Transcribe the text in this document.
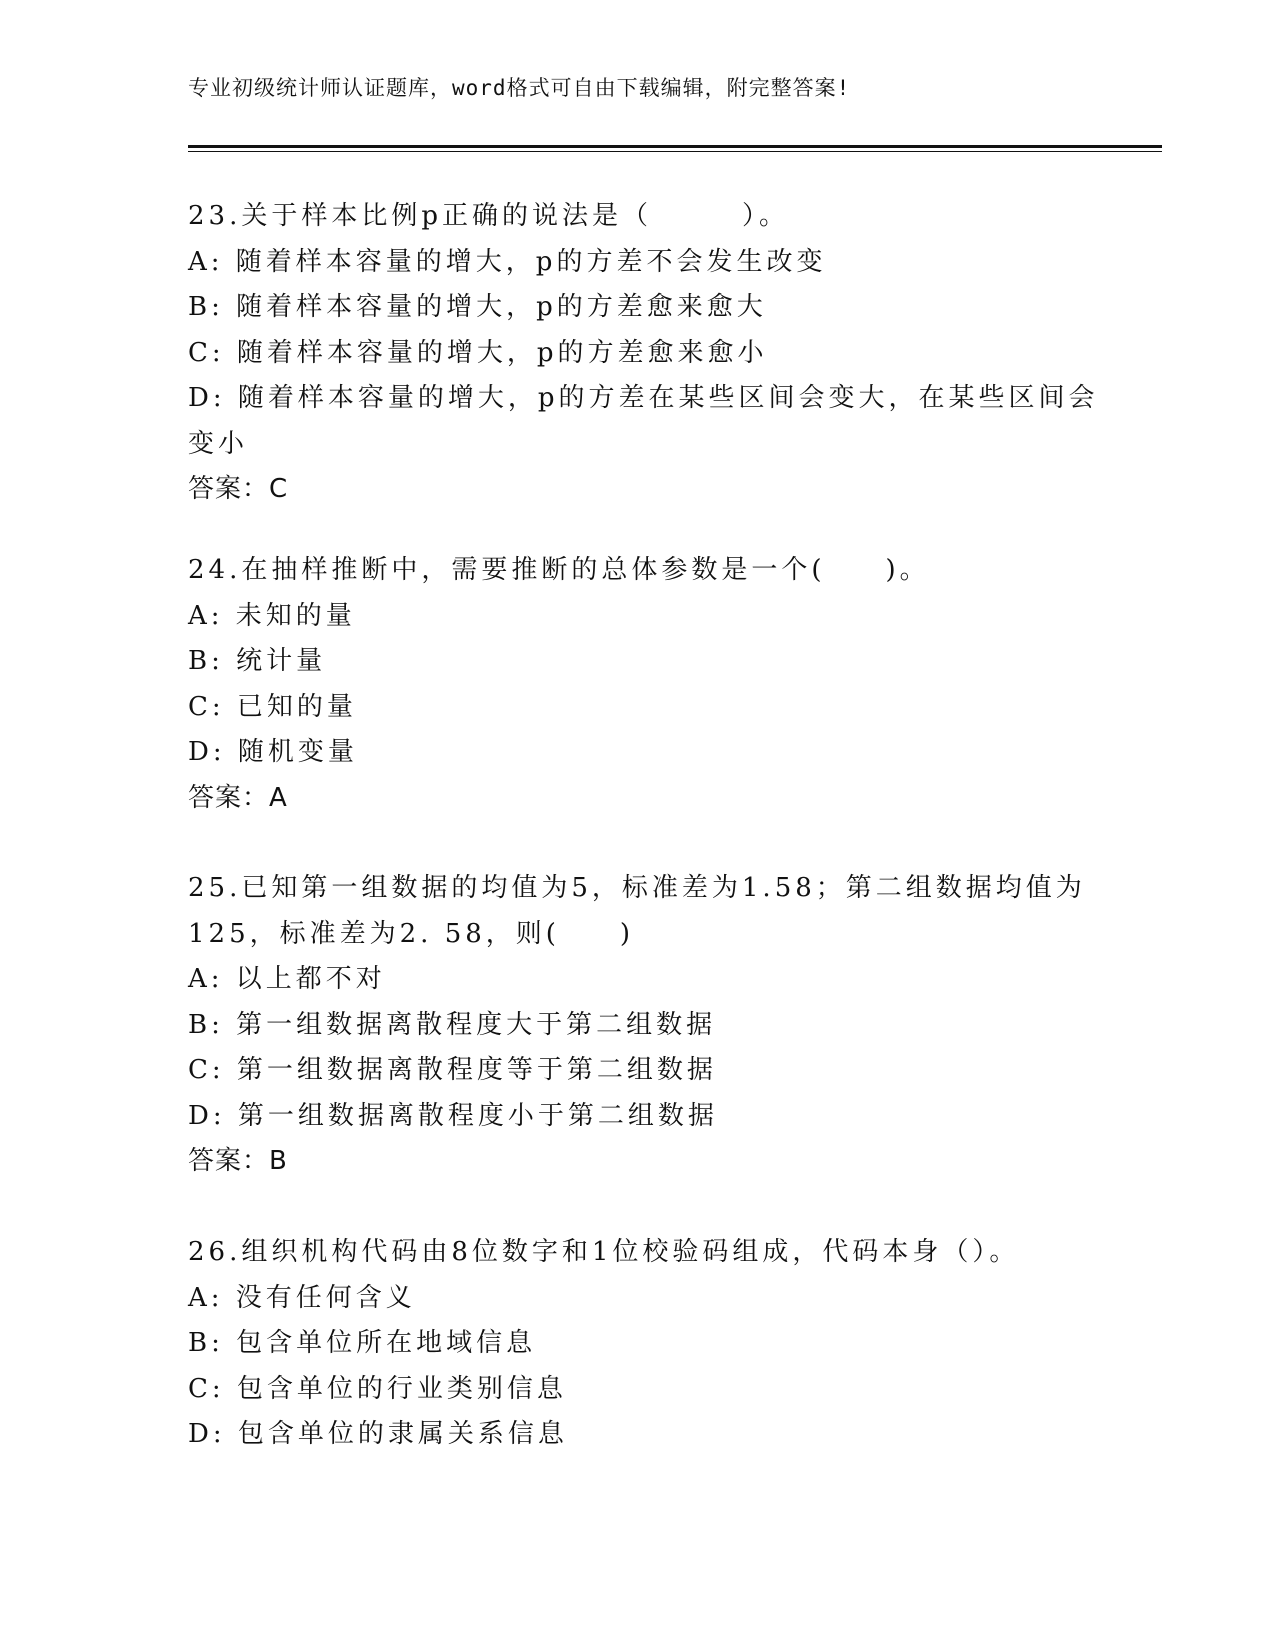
专业初级统计师认证题库，word格式可自由下载编辑，附完整答案!
23.关于样本比例p正确的说法是（　　　）。
A: 随着样本容量的增大，p的方差不会发生改变
B: 随着样本容量的增大，p的方差愈来愈大
C: 随着样本容量的增大，p的方差愈来愈小
D: 随着样本容量的增大，p的方差在某些区间会变大，在某些区间会
变小
答案：C
24.在抽样推断中，需要推断的总体参数是一个(　　)。
A: 未知的量
B: 统计量
C: 已知的量
D: 随机变量
答案：A
25.已知第一组数据的均值为5，标准差为1.58；第二组数据均值为
125，标准差为2. 58，则(　　)
A: 以上都不对
B: 第一组数据离散程度大于第二组数据
C: 第一组数据离散程度等于第二组数据
D: 第一组数据离散程度小于第二组数据
答案：B
26.组织机构代码由8位数字和1位校验码组成，代码本身（）。
A: 没有任何含义
B: 包含单位所在地域信息
C: 包含单位的行业类别信息
D: 包含单位的隶属关系信息
